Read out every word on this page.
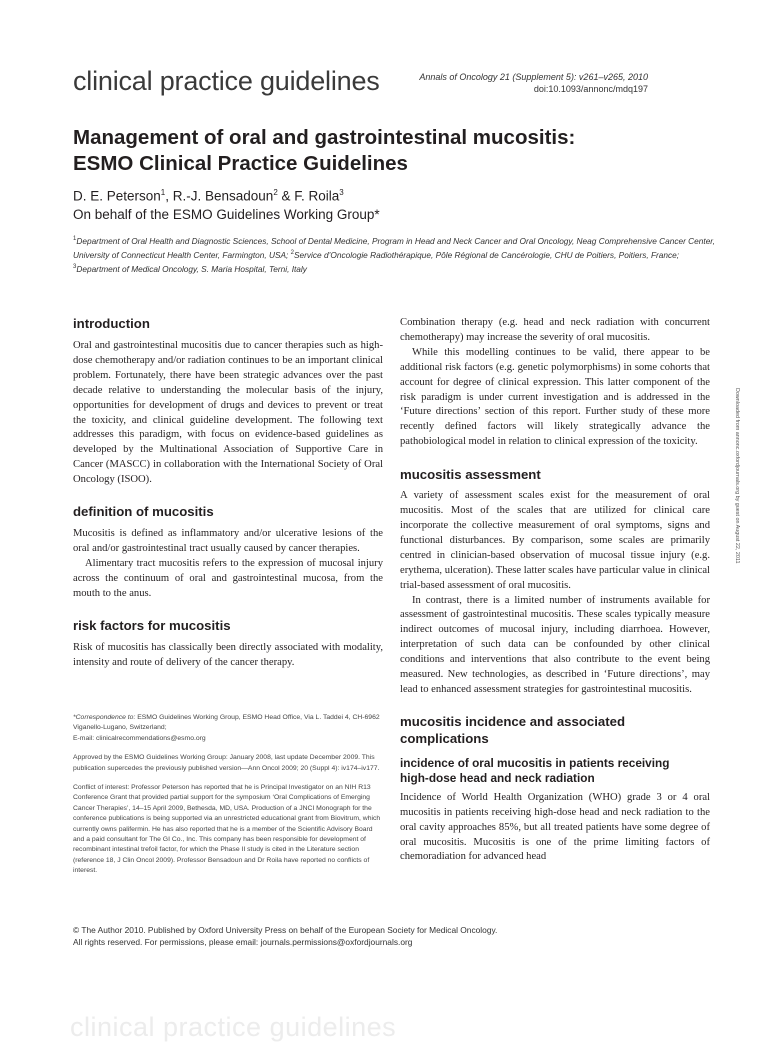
clinical practice guidelines	Annals of Oncology 21 (Supplement 5): v261–v265, 2010
doi:10.1093/annonc/mdq197
Management of oral and gastrointestinal mucositis:
ESMO Clinical Practice Guidelines
D. E. Peterson$^1$, R.-J. Bensadoun$^2$ & F. Roila$^3$
On behalf of the ESMO Guidelines Working Group*
$^1$Department of Oral Health and Diagnostic Sciences, School of Dental Medicine, Program in Head and Neck Cancer and Oral Oncology, Neag Comprehensive Cancer Center, University of Connecticut Health Center, Farmington, USA; $^2$Service d’Oncologie Radiothérapique, Pôle Régional de Cancérologie, CHU de Poitiers, Poitiers, France; $^3$Department of Medical Oncology, S. Maria Hospital, Terni, Italy
introduction

Oral and gastrointestinal mucositis due to cancer therapies such as high-dose chemotherapy and/or radiation continues to be an important clinical problem. Fortunately, there have been strategic advances over the past decade relative to understanding the molecular basis of the injury, opportunities for development of drugs and devices to prevent or treat the toxicity, and clinical guideline development. The following text addresses this paradigm, with focus on evidence-based guidelines as developed by the Multinational Association of Supportive Care in Cancer (MASCC) in collaboration with the International Society of Oral Oncology (ISOO).

definition of mucositis

Mucositis is defined as inflammatory and/or ulcerative lesions of the oral and/or gastrointestinal tract usually caused by cancer therapies.

Alimentary tract mucositis refers to the expression of mucosal injury across the continuum of oral and gastrointestinal mucosa, from the mouth to the anus.

risk factors for mucositis

Risk of mucositis has classically been directly associated with modality, intensity and route of delivery of the cancer therapy.

*Correspondence to: ESMO Guidelines Working Group, ESMO Head Office, Via L. Taddei 4, CH-6962 Viganello-Lugano, Switzerland;

E-mail: clinicalrecommendations@esmo.org

Approved by the ESMO Guidelines Working Group: January 2008, last update December 2009. This publication supercedes the previously published version—Ann Oncol 2009; 20 (Suppl 4): iv174–iv177.

Conflict of interest: Professor Peterson has reported that he is Principal Investigator on an NIH R13 Conference Grant that provided partial support for the symposium ‘Oral Complications of Emerging Cancer Therapies’, 14–15 April 2009, Bethesda, MD, USA. Production of a JNCI Monograph for the conference publications is being supported via an unrestricted educational grant from Biovitrum, which currently owns palifermin. He has also reported that he is a member of the Scientific Advisory Board and a paid consultant for The GI Co., Inc. This company has been responsible for development of recombinant intestinal trefoil factor, for which the Phase II study is cited in the Literature section (reference 18, J Clin Oncol 2009). Professor Bensadoun and Dr Roila have reported no conflicts of interest.

Combination therapy (e.g. head and neck radiation with concurrent chemotherapy) may increase the severity of oral mucositis.

While this modelling continues to be valid, there appear to be additional risk factors (e.g. genetic polymorphisms) in some cohorts that account for degree of clinical expression. This latter component of the risk paradigm is under current investigation and is addressed in the ‘Future directions’ section of this report. Further study of these more recently defined factors will likely strategically advance the pathobiological model in relation to clinical expression of the toxicity.

mucositis assessment

A variety of assessment scales exist for the measurement of oral mucositis. Most of the scales that are utilized for clinical care incorporate the collective measurement of oral symptoms, signs and functional disturbances. By comparison, some scales are primarily centred in clinician-based observation of mucosal tissue injury (e.g. erythema, ulceration). These latter scales have particular value in clinical trial-based assessment of oral mucositis.

In contrast, there is a limited number of instruments available for assessment of gastrointestinal mucositis. These scales typically measure indirect outcomes of mucosal injury, including diarrhoea. However, interpretation of such data can be confounded by other clinical conditions and interventions that also contribute to the event being measured. New technologies, as described in ‘Future directions’, may lead to enhanced assessment strategies for gastrointestinal mucositis.

mucositis incidence and associated
complications
incidence of oral mucositis in patients receiving
high-dose head and neck radiation

Incidence of World Health Organization (WHO) grade 3 or 4 oral mucositis in patients receiving high-dose head and neck radiation to the oral cavity approaches 85%, but all treated patients have some degree of oral mucositis. Mucositis is one of the prime limiting factors of chemoradiation for advanced head

Downloaded from annonc.oxfordjournals.org by guest on August 22, 2011
© The Author 2010. Published by Oxford University Press on behalf of the European Society for Medical Oncology.
All rights reserved. For permissions, please email: journals.permissions@oxfordjournals.org
clinical practice guidelines
